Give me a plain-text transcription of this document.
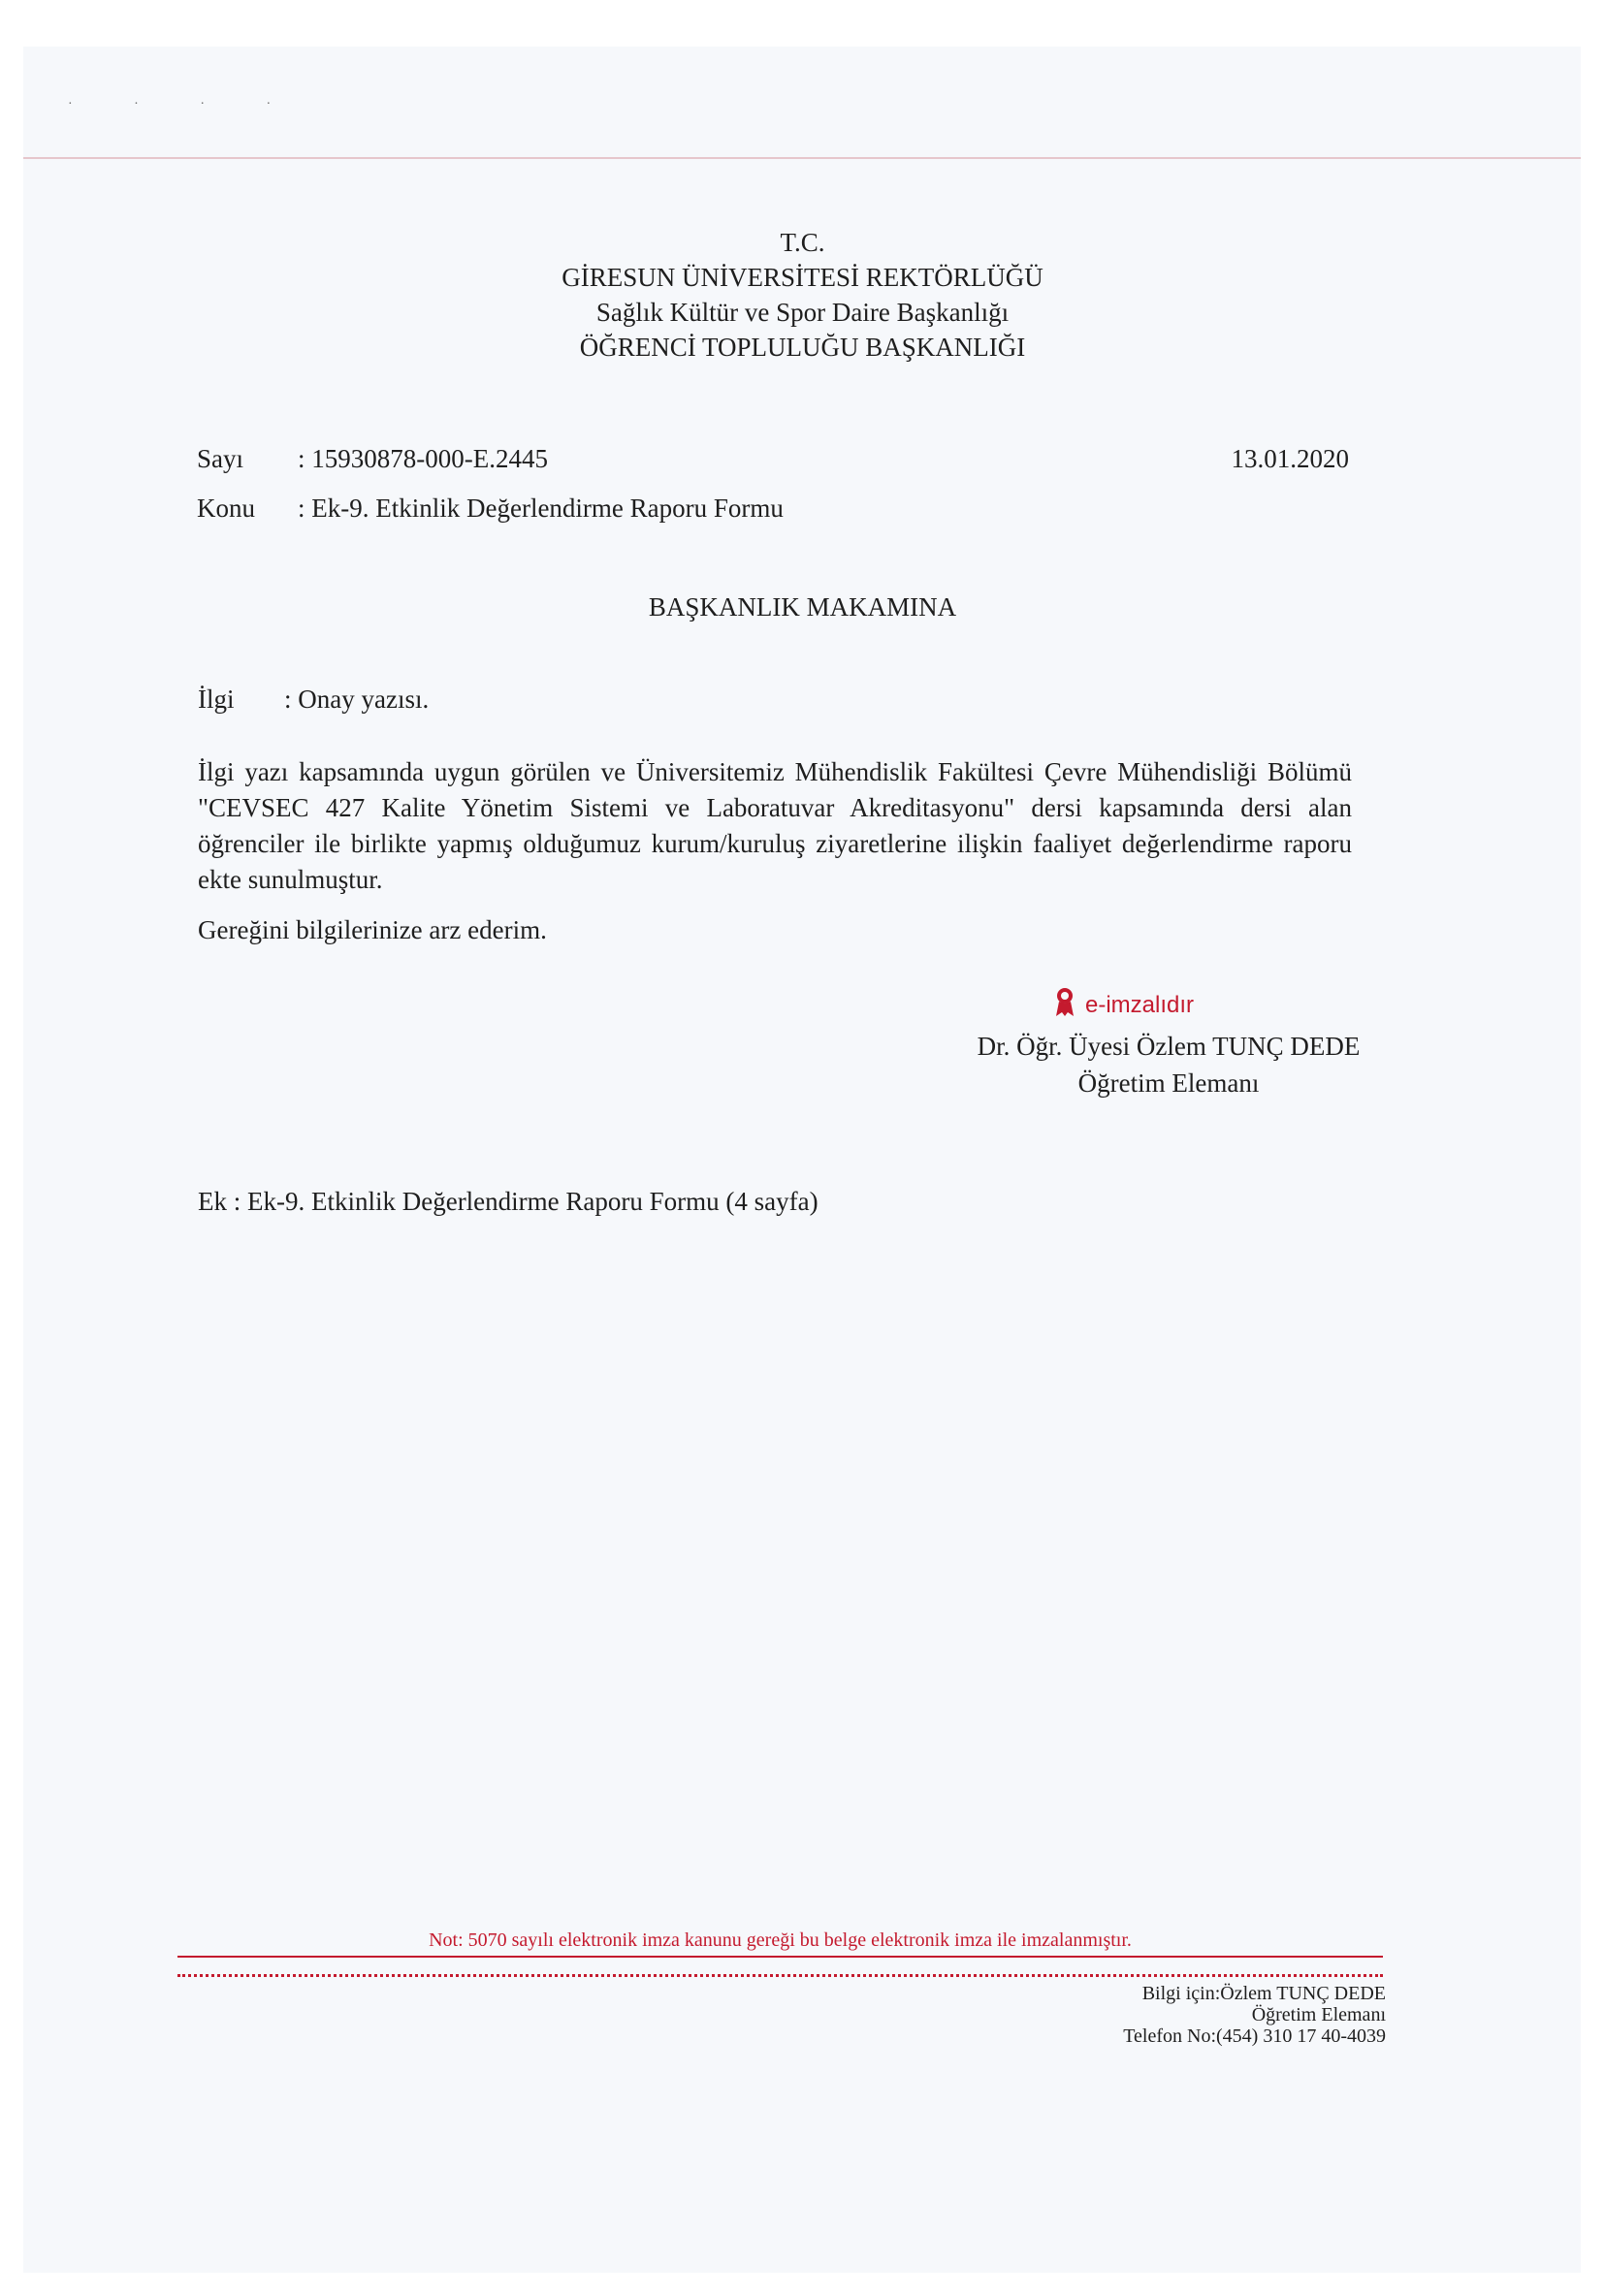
· · · ·
T.C.
GİRESUN ÜNİVERSİTESİ REKTÖRLÜĞÜ
Sağlık Kültür ve Spor Daire Başkanlığı
ÖĞRENCİ TOPLULUĞU BAŞKANLIĞI
Sayı : 15930878-000-E.2445	13.01.2020
Konu : Ek-9. Etkinlik Değerlendirme Raporu Formu
BAŞKANLIK MAKAMINA
İlgi : Onay yazısı.
İlgi yazı kapsamında uygun görülen ve Üniversitemiz Mühendislik Fakültesi Çevre Mühendisliği Bölümü "CEVSEC 427 Kalite Yönetim Sistemi ve Laboratuvar Akreditasyonu" dersi kapsamında dersi alan öğrenciler ile birlikte yapmış olduğumuz kurum/kuruluş ziyaretlerine ilişkin faaliyet değerlendirme raporu ekte sunulmuştur.
Gereğini bilgilerinize arz ederim.
e-imzalıdır
Dr. Öğr. Üyesi Özlem TUNÇ DEDE
Öğretim Elemanı
Ek : Ek-9. Etkinlik Değerlendirme Raporu Formu (4 sayfa)
Not: 5070 sayılı elektronik imza kanunu gereği bu belge elektronik imza ile imzalanmıştır.
Bilgi için:Özlem TUNÇ DEDE
Öğretim Elemanı
Telefon No:(454) 310 17 40-4039
